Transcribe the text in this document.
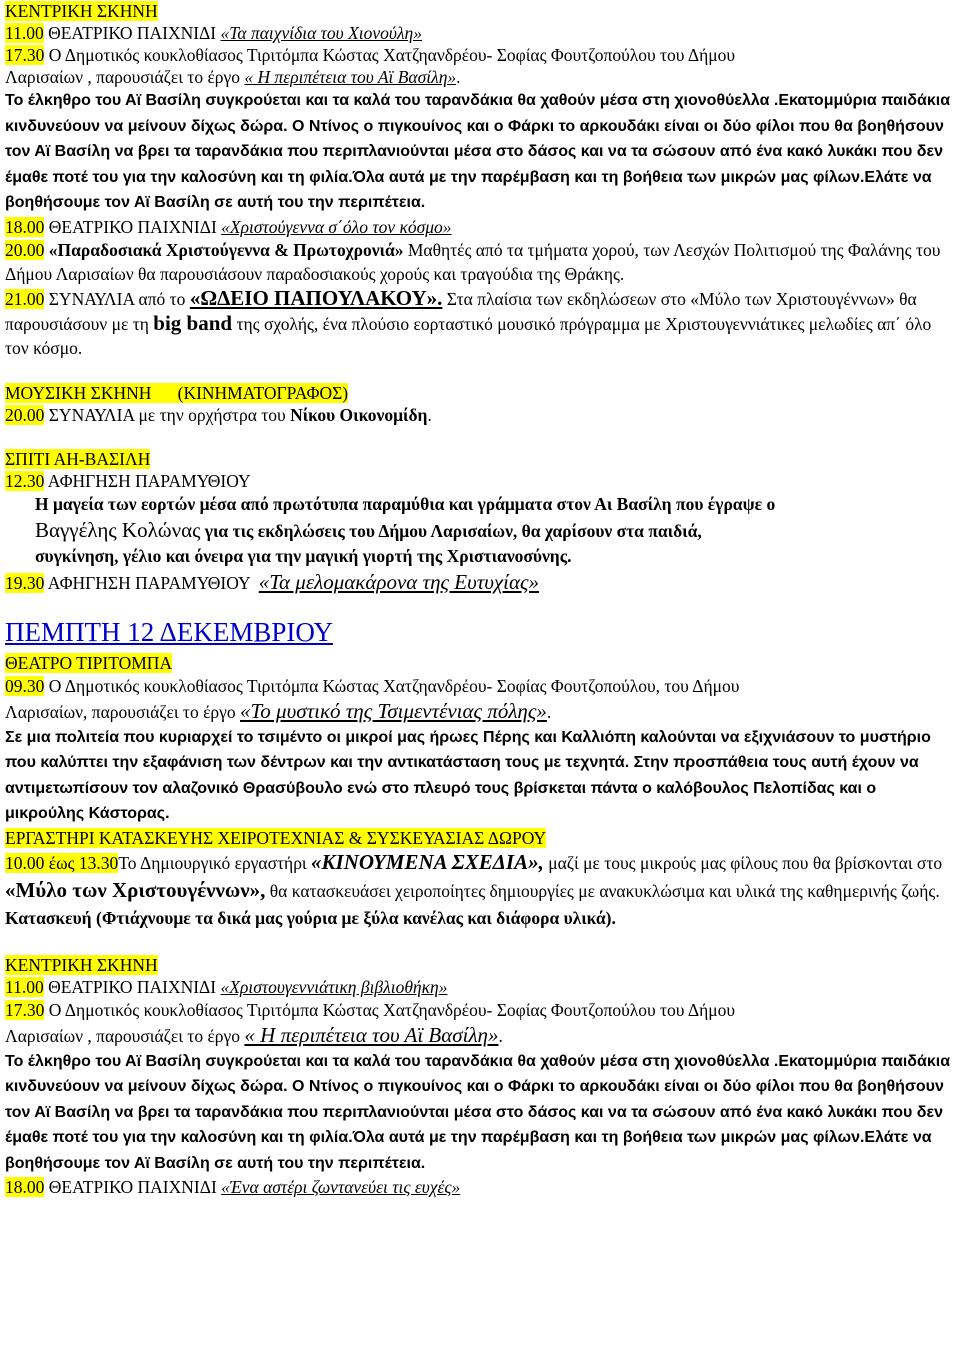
ΚΕΝΤΡΙΚΗ ΣΚΗΝΗ

11.00 ΘΕΑΤΡΙΚΟ ΠΑΙΧΝΙΔΙ «Τα παιχνίδια του Χιονούλη»

17.30 Ο Δημοτικός κουκλοθίασος Τιριτόμπα Κώστας Χατζηανδρέου- Σοφίας Φουτζοπούλου του Δήμου

Λαρισαίων , παρουσιάζει το έργο « Η περιπέτεια του Αϊ Βασίλη».

Το έλκηθρο του Αϊ Βασίλη συγκρούεται και τα καλά του ταρανδάκια θα χαθούν μέσα στη χιονοθύελλα .Εκατομμύρια παιδάκια κινδυνεύουν να μείνουν δίχως δώρα. Ο Ντίνος ο πιγκουίνος και ο Φάρκι το αρκουδάκι είναι οι δύο φίλοι που θα βοηθήσουν τον Αϊ Βασίλη να βρει τα ταρανδάκια που περιπλανιούνται μέσα στο δάσος και να τα σώσουν από ένα κακό λυκάκι που δεν έμαθε ποτέ του για την καλοσύνη και τη φιλία.Όλα αυτά με την παρέμβαση και τη βοήθεια των μικρών μας φίλων.Ελάτε να βοηθήσουμε τον Αϊ Βασίλη σε αυτή του την περιπέτεια.

18.00 ΘΕΑΤΡΙΚΟ ΠΑΙΧΝΙΔΙ «Χριστούγεννα σ΄όλο τον κόσμο»

20.00 «Παραδοσιακά Χριστούγεννα & Πρωτοχρονιά» Μαθητές από τα τμήματα χορού, των Λεσχών Πολιτισμού της Φαλάνης του Δήμου Λαρισαίων θα παρουσιάσουν παραδοσιακούς χορούς και τραγούδια της Θράκης.

21.00 ΣΥΝΑΥΛΙΑ από το «ΩΔΕΙΟ ΠΑΠΟΥΛΑΚΟΥ». Στα πλαίσια των εκδηλώσεων στο «Μύλο των Χριστουγέννων» θα παρουσιάσουν με τη big band της σχολής, ένα πλούσιο εορταστικό μουσικό πρόγραμμα με Χριστουγεννιάτικες μελωδίες απ΄ όλο τον κόσμο.

ΜΟΥΣΙΚΗ ΣΚΗΝΗ      (ΚΙΝΗΜΑΤΟΓΡΑΦΟΣ)

20.00 ΣΥΝΑΥΛΙΑ με την ορχήστρα του Νίκου Οικονομίδη.

ΣΠΙΤΙ ΑΗ-ΒΑΣΙΛΗ

12.30 ΑΦΗΓΗΣΗ ΠΑΡΑΜΥΘΙΟΥ

Η μαγεία των εορτών μέσα από πρωτότυπα παραμύθια και γράμματα στον Αι Βασίλη που έγραψε ο

Βαγγέλης Κολώνας για τις εκδηλώσεις του Δήμου Λαρισαίων, θα χαρίσουν στα παιδιά,

συγκίνηση, γέλιο και όνειρα για την μαγική γιορτή της Χριστιανοσύνης.

19.30 ΑΦΗΓΗΣΗ ΠΑΡΑΜΥΘΙΟΥ  «Τα μελομακάρονα της Ευτυχίας»

ΠΕΜΠΤΗ 12 ΔΕΚΕΜΒΡΙΟΥ

ΘΕΑΤΡΟ ΤΙΡΙΤΟΜΠΑ

09.30 Ο Δημοτικός κουκλοθίασος Τιριτόμπα Κώστας Χατζηανδρέου- Σοφίας Φουτζοπούλου, του Δήμου

Λαρισαίων, παρουσιάζει το έργο «Το μυστικό της Τσιμεντένιας πόλης».

Σε μια πολιτεία που κυριαρχεί το τσιμέντο οι μικροί μας ήρωες Πέρης και Καλλιόπη καλούνται να εξιχνιάσουν το μυστήριο που καλύπτει την εξαφάνιση των δέντρων και την αντικατάσταση τους με τεχνητά. Στην προσπάθεια τους αυτή έχουν να αντιμετωπίσουν τον αλαζονικό Θρασύβουλο ενώ στο πλευρό τους βρίσκεται πάντα ο καλόβουλος Πελοπίδας και ο μικρούλης Κάστορας.

ΕΡΓΑΣΤΗΡΙ ΚΑΤΑΣΚΕΥΗΣ ΧΕΙΡΟΤΕΧΝΙΑΣ & ΣΥΣΚΕΥΑΣΙΑΣ ΔΩΡΟΥ

10.00 έως 13.30Το Δημιουργικό εργαστήρι «ΚΙΝΟΥΜΕΝΑ ΣΧΕΔΙΑ», μαζί με τους μικρούς μας φίλους που θα βρίσκονται στο «Μύλο των Χριστουγέννων», θα κατασκευάσει χειροποίητες δημιουργίες με ανακυκλώσιμα και υλικά της καθημερινής ζωής. Κατασκευή (Φτιάχνουμε τα δικά μας γούρια με ξύλα κανέλας και διάφορα υλικά).

ΚΕΝΤΡΙΚΗ ΣΚΗΝΗ

11.00 ΘΕΑΤΡΙΚΟ ΠΑΙΧΝΙΔΙ «Χριστουγεννιάτικη βιβλιοθήκη»

17.30 Ο Δημοτικός κουκλοθίασος Τιριτόμπα Κώστας Χατζηανδρέου- Σοφίας Φουτζοπούλου του Δήμου

Λαρισαίων , παρουσιάζει το έργο « Η περιπέτεια του Αϊ Βασίλη».

Το έλκηθρο του Αϊ Βασίλη συγκρούεται και τα καλά του ταρανδάκια θα χαθούν μέσα στη χιονοθύελλα .Εκατομμύρια παιδάκια κινδυνεύουν να μείνουν δίχως δώρα. Ο Ντίνος ο πιγκουίνος και ο Φάρκι το αρκουδάκι είναι οι δύο φίλοι που θα βοηθήσουν τον Αϊ Βασίλη να βρει τα ταρανδάκια που περιπλανιούνται μέσα στο δάσος και να τα σώσουν από ένα κακό λυκάκι που δεν έμαθε ποτέ του για την καλοσύνη και τη φιλία.Όλα αυτά με την παρέμβαση και τη βοήθεια των μικρών μας φίλων.Ελάτε να βοηθήσουμε τον Αϊ Βασίλη σε αυτή του την περιπέτεια.

18.00 ΘΕΑΤΡΙΚΟ ΠΑΙΧΝΙΔΙ «Ένα αστέρι ζωντανεύει τις ευχές»
